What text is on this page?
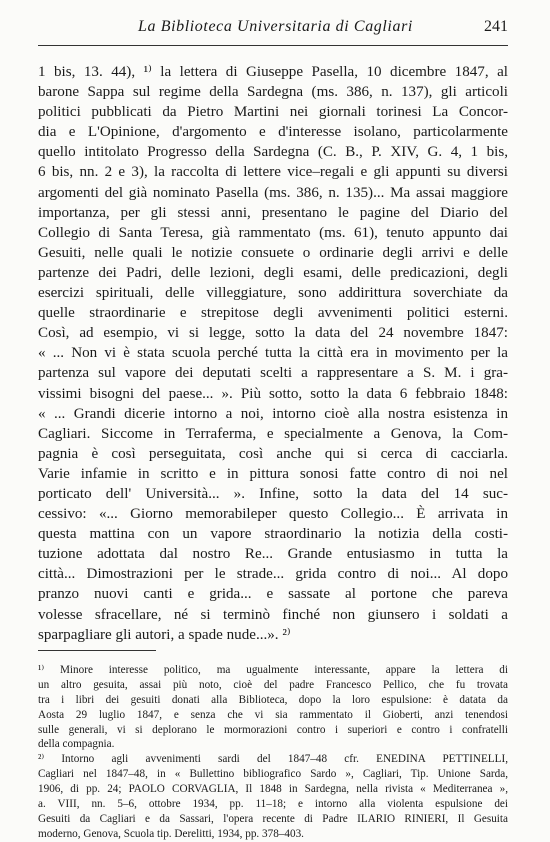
La Biblioteca Universitaria di Cagliari	241
1 bis, 13. 44), ¹⁾ la lettera di Giuseppe Pasella, 10 dicembre 1847, al
barone Sappa sul regime della Sardegna (ms. 386, n. 137), gli articoli
politici pubblicati da Pietro Martini nei giornali torinesi La Concor-
dia e L'Opinione, d'argomento e d'interesse isolano, particolarmente
quello intitolato Progresso della Sardegna (C. B., P. XIV, G. 4, 1 bis,
6 bis, nn. 2 e 3), la raccolta di lettere vice–regali e gli appunti su diversi
argomenti del già nominato Pasella (ms. 386, n. 135)... Ma assai maggiore
importanza, per gli stessi anni, presentano le pagine del Diario del
Collegio di Santa Teresa, già rammentato (ms. 61), tenuto appunto dai
Gesuiti, nelle quali le notizie consuete o ordinarie degli arrivi e delle
partenze dei Padri, delle lezioni, degli esami, delle predicazioni, degli
esercizi spirituali, delle villeggiature, sono addirittura soverchiate da
quelle straordinarie e strepitose degli avvenimenti politici esterni.
Così, ad esempio, vi si legge, sotto la data del 24 novembre 1847:
« ... Non vi è stata scuola perché tutta la città era in movimento per la
partenza sul vapore dei deputati scelti a rappresentare a S. M. i gra-
vissimi bisogni del paese... ». Più sotto, sotto la data 6 febbraio 1848:
« ... Grandi dicerie intorno a noi, intorno cioè alla nostra esistenza in
Cagliari. Siccome in Terraferma, e specialmente a Genova, la Com-
pagnia è così perseguitata, così anche qui si cerca di cacciarla.
Varie infamie in scritto e in pittura sonosi fatte contro di noi nel
porticato dell' Università... ». Infine, sotto la data del 14 suc-
cessivo: «... Giorno memorabileper questo Collegio... È arrivata in
questa mattina con un vapore straordinario la notizia della costi-
tuzione adottata dal nostro Re... Grande entusiasmo in tutta la
città... Dimostrazioni per le strade... grida contro di noi... Al dopo
pranzo nuovi canti e grida... e sassate al portone che pareva
volesse sfracellare, né si terminò finché non giunsero i soldati a
sparpagliare gli autori, a spade nude...». ²⁾
¹⁾ Minore interesse politico, ma ugualmente interessante, appare la lettera di
un altro gesuita, assai più noto, cioè del padre Francesco Pellico, che fu trovata
tra i libri dei gesuiti donati alla Biblioteca, dopo la loro espulsione: è datata da
Aosta 29 luglio 1847, e senza che vi sia rammentato il Gioberti, anzi tenendosi
sulle generali, vi si deplorano le mormorazioni contro i superiori e contro i confratelli
della compagnia.
²⁾ Intorno agli avvenimenti sardi del 1847–48 cfr. ENEDINA PETTINELLI,
Cagliari nel 1847–48, in « Bullettino bibliografico Sardo », Cagliari, Tip. Unione Sarda,
1906, di pp. 24; PAOLO CORVAGLIA, Il 1848 in Sardegna, nella rivista « Mediterranea »,
a. VIII, nn. 5–6, ottobre 1934, pp. 11–18; e intorno alla violenta espulsione dei
Gesuiti da Cagliari e da Sassari, l'opera recente di Padre ILARIO RINIERI, Il Gesuita
moderno, Genova, Scuola tip. Derelitti, 1934, pp. 378–403.
